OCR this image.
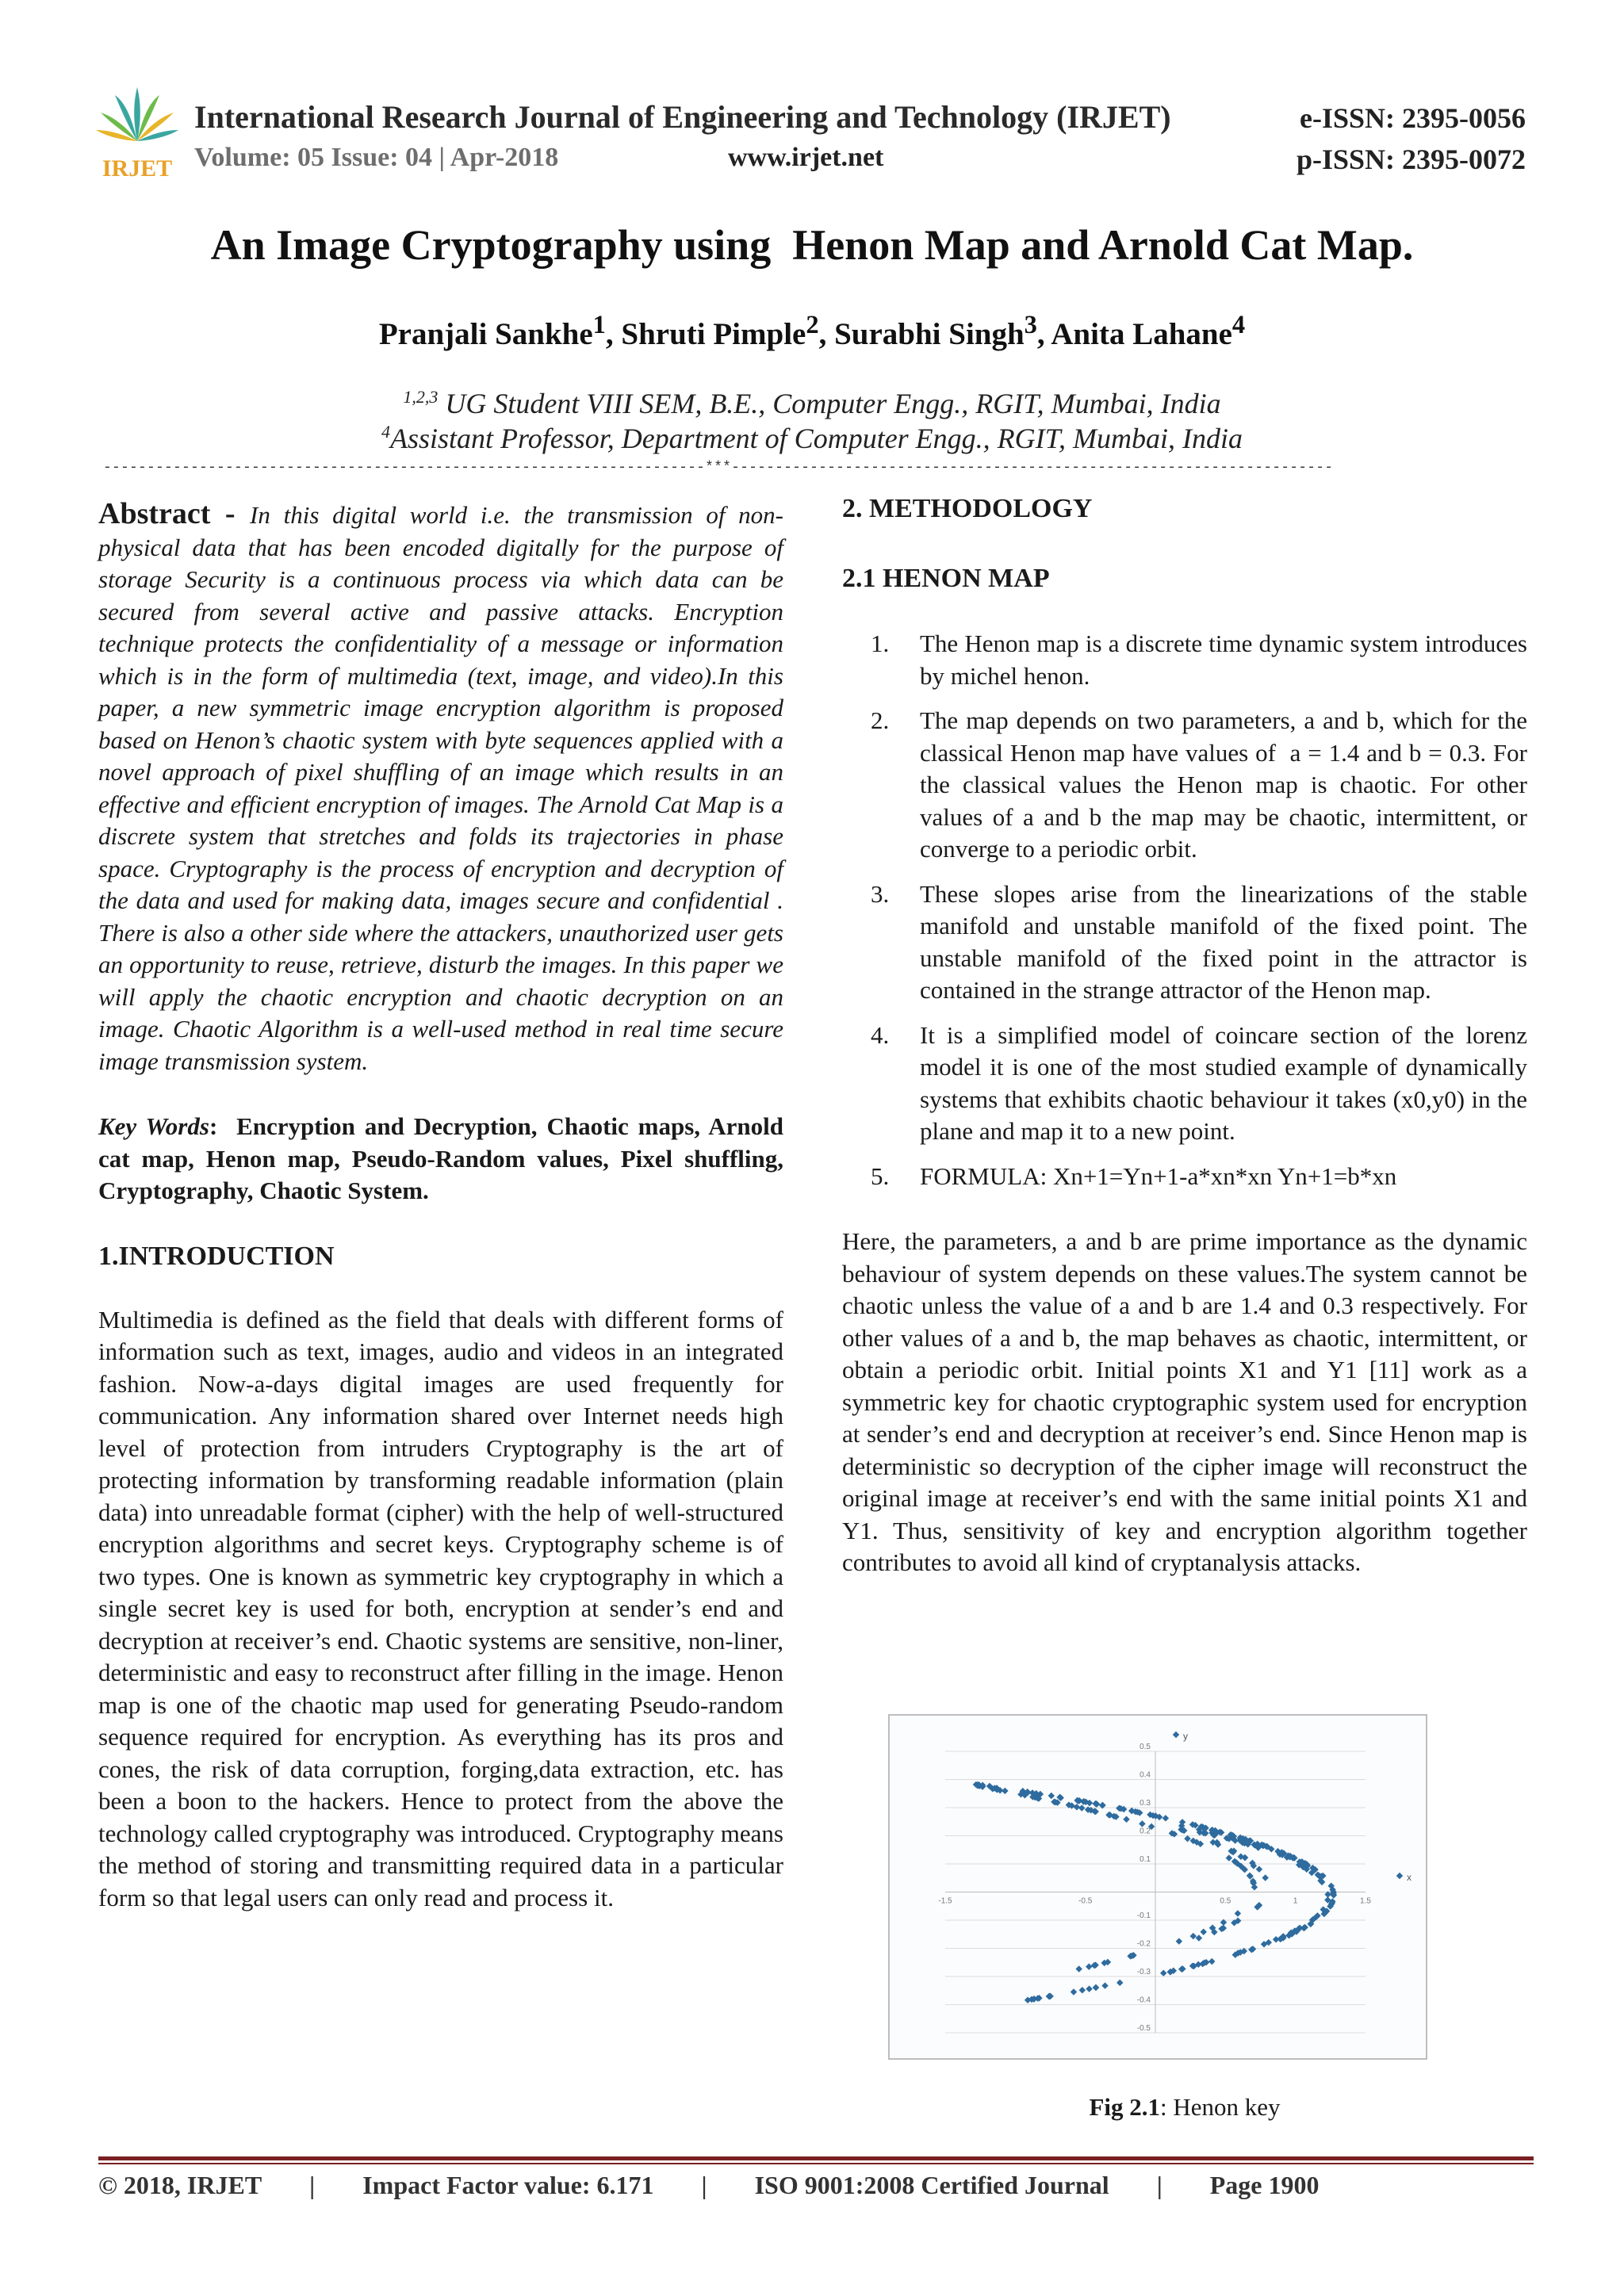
IRJET
International Research Journal of Engineering and Technology (IRJET)
Volume: 05 Issue: 04 | Apr-2018	www.irjet.net
e-ISSN: 2395-0056
p-ISSN: 2395-0072
An Image Cryptography using  Henon Map and Arnold Cat Map.
Pranjali Sankhe$^1$, Shruti Pimple$^2$, Surabhi Singh$^3$, Anita Lahane$^4$
$^{1,2,3}$ UG Student VIII SEM, B.E., Computer Engg., RGIT, Mumbai, India
$^4$Assistant Professor, Department of Computer Engg., RGIT, Mumbai, India
---------------------------------------------------------------------***---------------------------------------------------------------------
Abstract - In this digital world i.e. the transmission of non-physical data that has been encoded digitally for the purpose of storage Security is a continuous process via which data can be secured from several active and passive attacks. Encryption technique protects the confidentiality of a message or information which is in the form of multimedia (text, image, and video).In this paper, a new symmetric image encryption algorithm is proposed based on Henon’s chaotic system with byte sequences applied with a novel approach of pixel shuffling of an image which results in an effective and efficient encryption of images. The Arnold Cat Map is a discrete system that stretches and folds its trajectories in phase space. Cryptography is the process of encryption and decryption of the data and used for making data, images secure and confidential . There is also a other side where the attackers, unauthorized user gets an opportunity to reuse, retrieve, disturb the images. In this paper we will apply the chaotic encryption and chaotic decryption on an image. Chaotic Algorithm is a well-used method in real time secure image transmission system.
Key Words:  Encryption and Decryption, Chaotic maps, Arnold cat map, Henon map, Pseudo-Random values, Pixel shuffling, Cryptography, Chaotic System.
1.INTRODUCTION
Multimedia is defined as the field that deals with different forms of information such as text, images, audio and videos in an integrated fashion. Now-a-days digital images are used frequently for communication. Any information shared over Internet needs high level of protection from intruders Cryptography is the art of protecting information by transforming readable information (plain data) into unreadable format (cipher) with the help of well-structured encryption algorithms and secret keys. Cryptography scheme is of two types. One is known as symmetric key cryptography in which a single secret key is used for both, encryption at sender’s end and decryption at receiver’s end. Chaotic systems are sensitive, non-liner, deterministic and easy to reconstruct after filling in the image. Henon map is one of the chaotic map used for generating Pseudo-random sequence required for encryption. As everything has its pros and cones, the risk of data corruption, forging,data extraction, etc. has been a boon to the hackers. Hence to protect from the above the technology called cryptography was introduced. Cryptography means the method of storing and transmitting required data in a particular form so that legal users can only read and process it.
2. METHODOLOGY
2.1 HENON MAP
1. The Henon map is a discrete time dynamic system introduces by michel henon.
2. The map depends on two parameters, a and b, which for the classical Henon map have values of  a = 1.4 and b = 0.3. For the classical values the Henon map is chaotic. For other values of a and b the map may be chaotic, intermittent, or converge to a periodic orbit.
3. These slopes arise from the linearizations of the stable manifold and unstable manifold of the fixed point. The unstable manifold of the fixed point in the attractor is contained in the strange attractor of the Henon map.
4. It is a simplified model of coincare section of the lorenz model it is one of the most studied example of dynamically systems that exhibits chaotic behaviour it takes (x0,y0) in the plane and map it to a new point.
5. FORMULA: Xn+1=Yn+1-a*xn*xn Yn+1=b*xn
Here, the parameters, a and b are prime importance as the dynamic behaviour of system depends on these values.The system cannot be chaotic unless the value of a and b are 1.4 and 0.3 respectively. For other values of a and b, the map behaves as chaotic, intermittent, or obtain a periodic orbit. Initial points X1 and Y1 [11] work as a symmetric key for chaotic cryptographic system used for encryption at sender’s end and decryption at receiver’s end. Since Henon map is deterministic so decryption of the cipher image will reconstruct the original image at receiver’s end with the same initial points X1 and Y1. Thus, sensitivity of key and encryption algorithm together contributes to avoid all kind of cryptanalysis attacks.
0.5
0.4
0.3
0.2
0.1
-0.1
-0.2
-0.3
-0.4
-0.5
-1.5	-0.5	0.5	1	1.5
y
x
Fig 2.1: Henon key
© 2018, IRJET | Impact Factor value: 6.171 | ISO 9001:2008 Certified Journal | Page 1900
